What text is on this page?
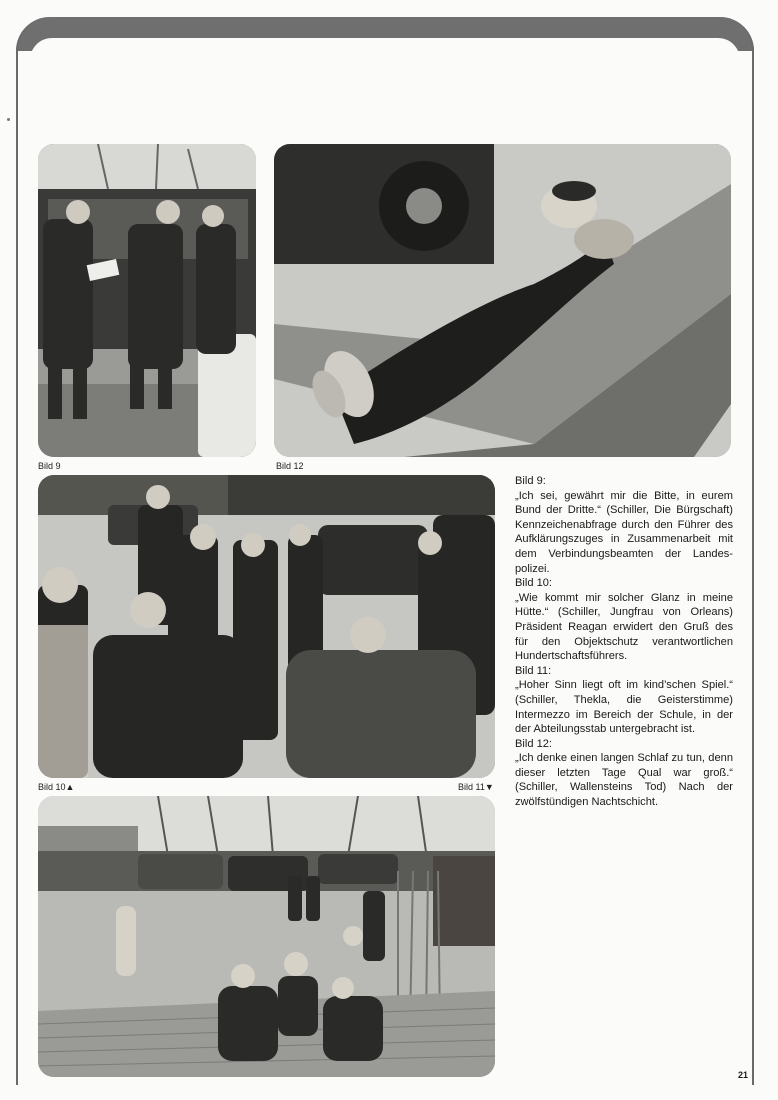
Bild 9	Bild 12
Bild 10▲	Bild 11▼

Bild 9:

„Ich sei, gewährt mir die Bitte, in eurem Bund der Dritte.“ (Schiller, Die Bürgschaft) Kennzeichenabfrage durch den Führer des Aufklärungszuges in Zusammenarbeit mit dem Verbindungsbeamten der Landespolizei.

Bild 10:

„Wie kommt mir solcher Glanz in meine Hütte.“ (Schiller, Jungfrau von Orleans) Präsident Reagan erwidert den Gruß des für den Objektschutz verantwortlichen Hundertschaftsführers.

Bild 11:

„Hoher Sinn liegt oft im kind’schen Spiel.“ (Schiller, Thekla, die Geisterstimme) Intermezzo im Bereich der Schule, in der der Abteilungsstab untergebracht ist.

Bild 12:

„Ich denke einen langen Schlaf zu tun, denn dieser letzten Tage Qual war groß.“ (Schiller, Wallensteins Tod) Nach der zwölfstündigen Nachtschicht.

21
